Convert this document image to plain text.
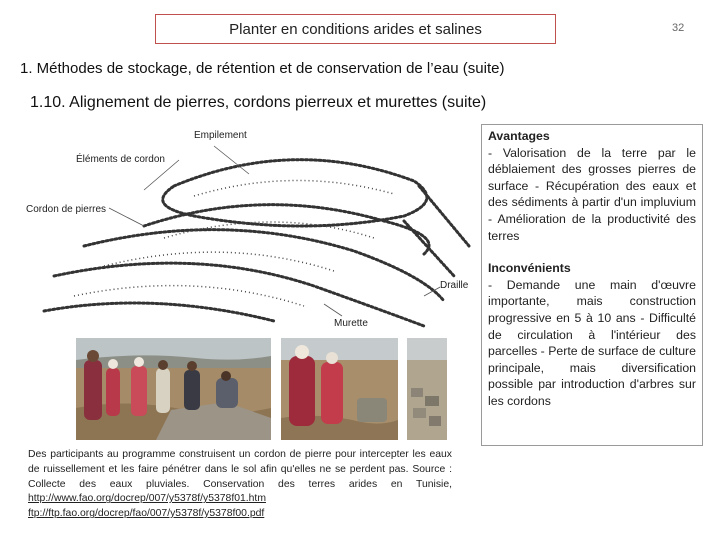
Planter en conditions arides et salines	32
1. Méthodes de stockage, de rétention et de conservation de l’eau (suite)
1.10. Alignement de pierres, cordons pierreux et murettes (suite)
Empilement
Éléments de cordon
Cordon de pierres
Draille
Murette
Avantages
- Valorisation de la terre par le déblaiement des grosses pierres de surface - Récupération des eaux et des sédiments à partir d'un impluvium - Amélioration de la productivité des terres
Inconvénients
- Demande une main d'œuvre importante, mais construction progressive en 5 à 10 ans - Difficulté de circulation à l'intérieur des parcelles - Perte de surface de culture principale, mais diversification possible par introduction d'arbres sur les cordons
Des participants au programme construisent un cordon de pierre pour intercepter les eaux de ruissellement et les faire pénétrer dans le sol afin qu'elles ne se perdent pas. Source : Collecte des eaux pluviales. Conservation des terres arides en Tunisie,
http://www.fao.org/docrep/007/y5378f/y5378f01.htm
ftp://ftp.fao.org/docrep/fao/007/y5378f/y5378f00.pdf
